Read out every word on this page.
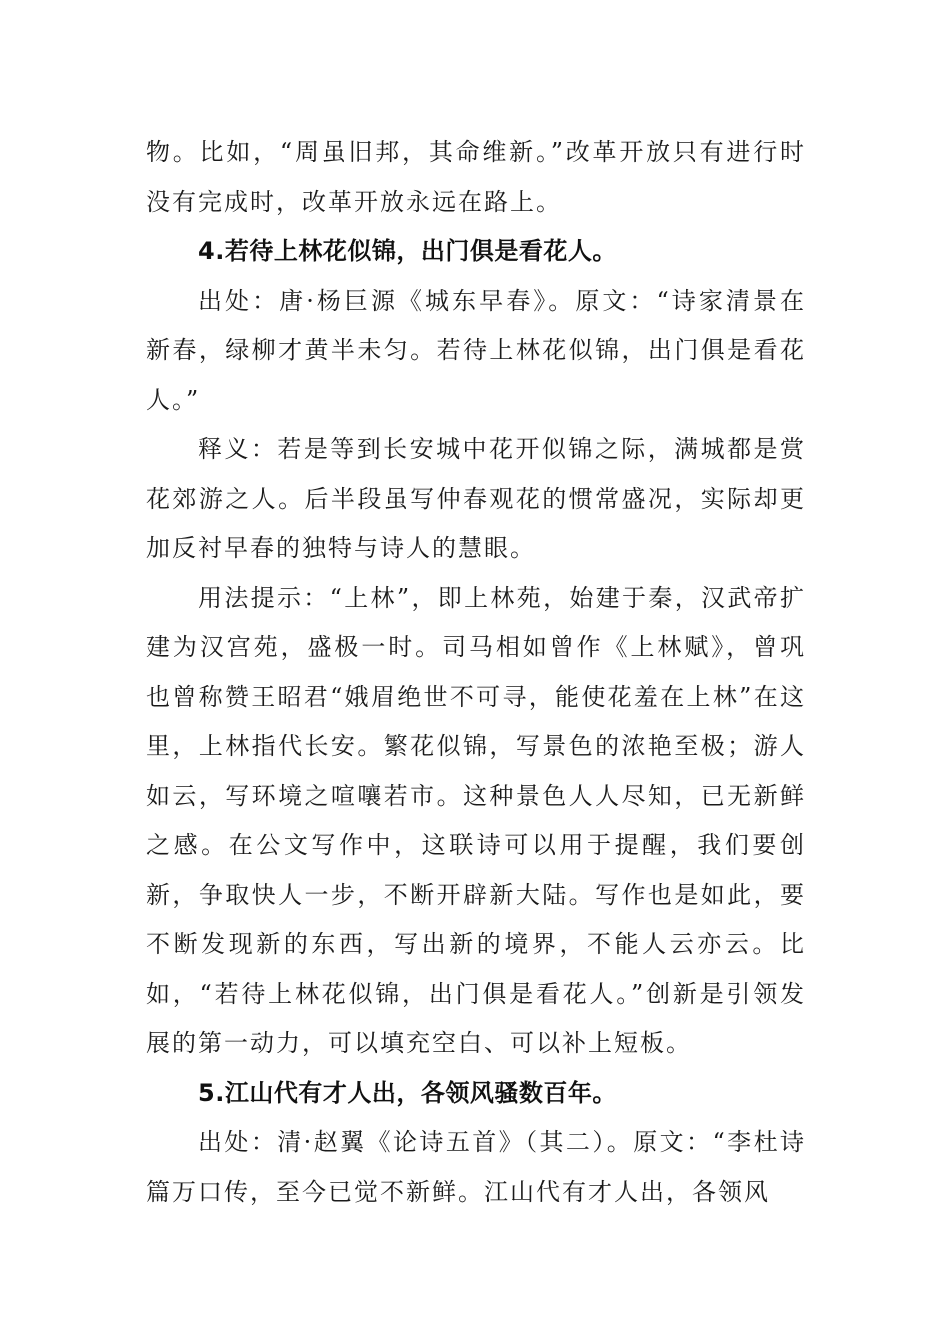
物。比如，“周虽旧邦，其命维新。”改革开放只有进行时没有完成时，改革开放永远在路上。

4.若待上林花似锦，出门俱是看花人。

出处：唐·杨巨源《城东早春》。原文：“诗家清景在新春，绿柳才黄半未匀。若待上林花似锦，出门俱是看花人。”

释义：若是等到长安城中花开似锦之际，满城都是赏花郊游之人。后半段虽写仲春观花的惯常盛况，实际却更加反衬早春的独特与诗人的慧眼。

用法提示：“上林”，即上林苑，始建于秦，汉武帝扩建为汉宫苑，盛极一时。司马相如曾作《上林赋》，曾巩也曾称赞王昭君“娥眉绝世不可寻，能使花羞在上林”在这里，上林指代长安。繁花似锦，写景色的浓艳至极；游人如云，写环境之喧嚷若市。这种景色人人尽知，已无新鲜之感。在公文写作中，这联诗可以用于提醒，我们要创新，争取快人一步，不断开辟新大陆。写作也是如此，要不断发现新的东西，写出新的境界，不能人云亦云。比如，“若待上林花似锦，出门俱是看花人。”创新是引领发展的第一动力，可以填充空白、可以补上短板。

5.江山代有才人出，各领风骚数百年。

出处：清·赵翼《论诗五首》（其二）。原文：“李杜诗篇万口传，至今已觉不新鲜。江山代有才人出，各领风
